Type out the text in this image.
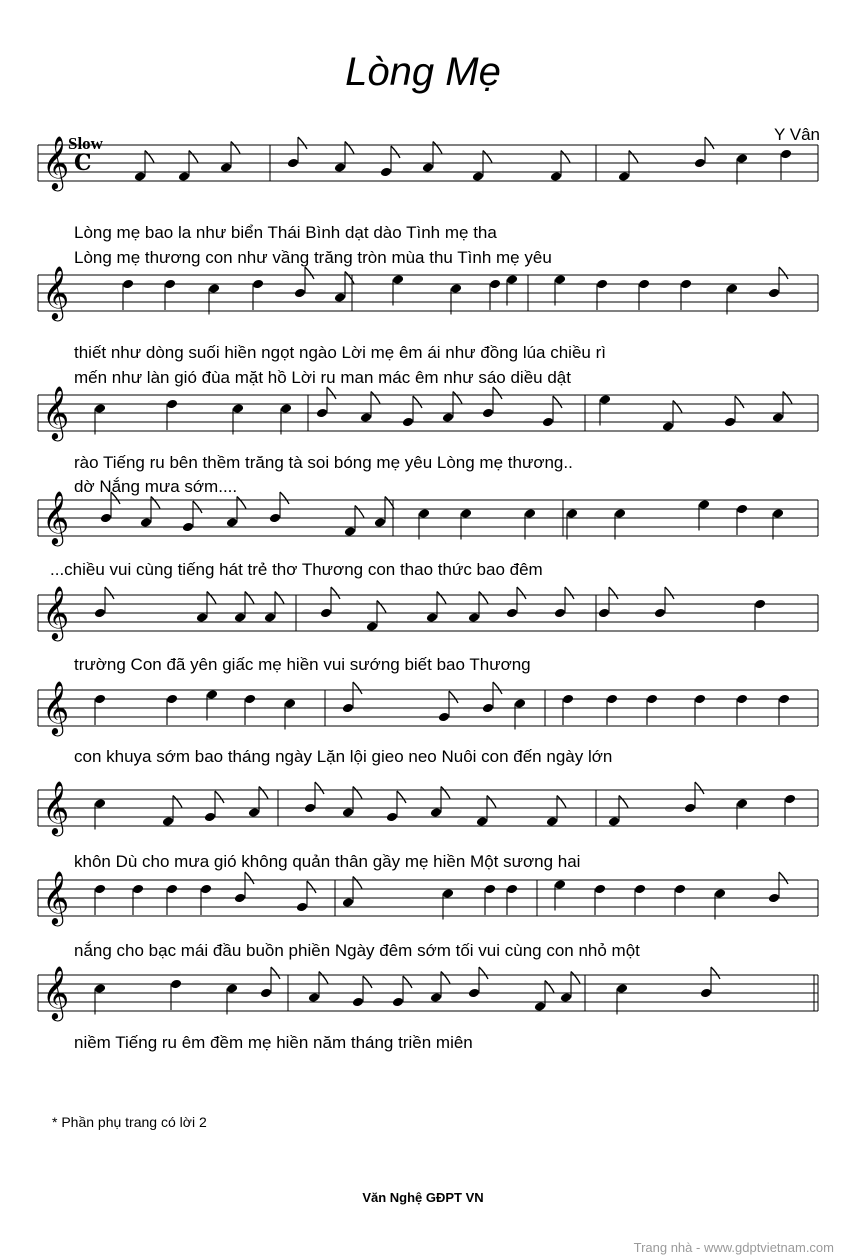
Lòng Mẹ
Slow	Y Vân
𝄞 C
Lòng mẹ bao la như biển Thái Bình dạt dào Tình mẹ tha
Lòng mẹ thương con như vầng trăng tròn mùa thu Tình mẹ yêu
𝄞
thiết như dòng suối hiền ngọt ngào Lời mẹ êm ái như đồng lúa chiều rì
mến như làn gió đùa mặt hồ Lời ru man mác êm như sáo diều dật
𝄞
rào Tiếng ru bên thềm trăng tà soi bóng mẹ yêu Lòng mẹ thương..
dờ Nắng mưa sớm....
𝄞
...chiều vui cùng tiếng hát trẻ thơ Thương con thao thức bao đêm
𝄞
trường Con đã yên giấc mẹ hiền vui sướng biết bao Thương
𝄞
con khuya sớm bao tháng ngày Lặn lội gieo neo Nuôi con đến ngày lớn
𝄞
khôn Dù cho mưa gió không quản thân gầy mẹ hiền Một sương hai
𝄞
nắng cho bạc mái đầu buồn phiền Ngày đêm sớm tối vui cùng con nhỏ một
𝄞
niềm Tiếng ru êm đềm mẹ hiền năm tháng triền miên
* Phần phụ trang có lời 2
Văn Nghệ GĐPT VN
Trang nhà - www.gdptvietnam.com
